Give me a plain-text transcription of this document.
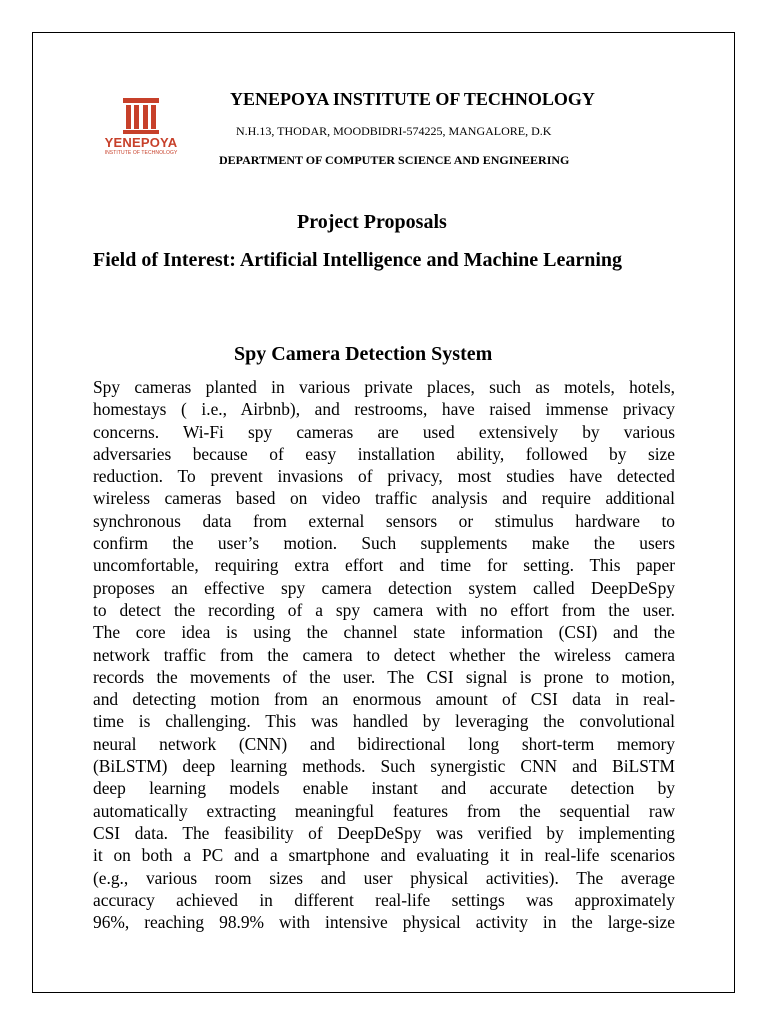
YENEPOYA
INSTITUTE OF TECHNOLOGY
YENEPOYA INSTITUTE OF TECHNOLOGY
N.H.13, THODAR, MOODBIDRI-574225, MANGALORE, D.K
DEPARTMENT OF COMPUTER SCIENCE AND ENGINEERING
Project Proposals
Field of Interest: Artificial Intelligence and Machine Learning
Spy Camera Detection System
Spy cameras planted in various private places, such as motels, hotels,
homestays ( i.e., Airbnb), and restrooms, have raised immense privacy
concerns. Wi-Fi spy cameras are used extensively by various
adversaries because of easy installation ability, followed by size
reduction. To prevent invasions of privacy, most studies have detected
wireless cameras based on video traffic analysis and require additional
synchronous data from external sensors or stimulus hardware to
confirm the user’s motion. Such supplements make the users
uncomfortable, requiring extra effort and time for setting. This paper
proposes an effective spy camera detection system called DeepDeSpy
to detect the recording of a spy camera with no effort from the user.
The core idea is using the channel state information (CSI) and the
network traffic from the camera to detect whether the wireless camera
records the movements of the user. The CSI signal is prone to motion,
and detecting motion from an enormous amount of CSI data in real-
time is challenging. This was handled by leveraging the convolutional
neural network (CNN) and bidirectional long short-term memory
(BiLSTM) deep learning methods. Such synergistic CNN and BiLSTM
deep learning models enable instant and accurate detection by
automatically extracting meaningful features from the sequential raw
CSI data. The feasibility of DeepDeSpy was verified by implementing
it on both a PC and a smartphone and evaluating it in real-life scenarios
(e.g., various room sizes and user physical activities). The average
accuracy achieved in different real-life settings was approximately
96%, reaching 98.9% with intensive physical activity in the large-size
